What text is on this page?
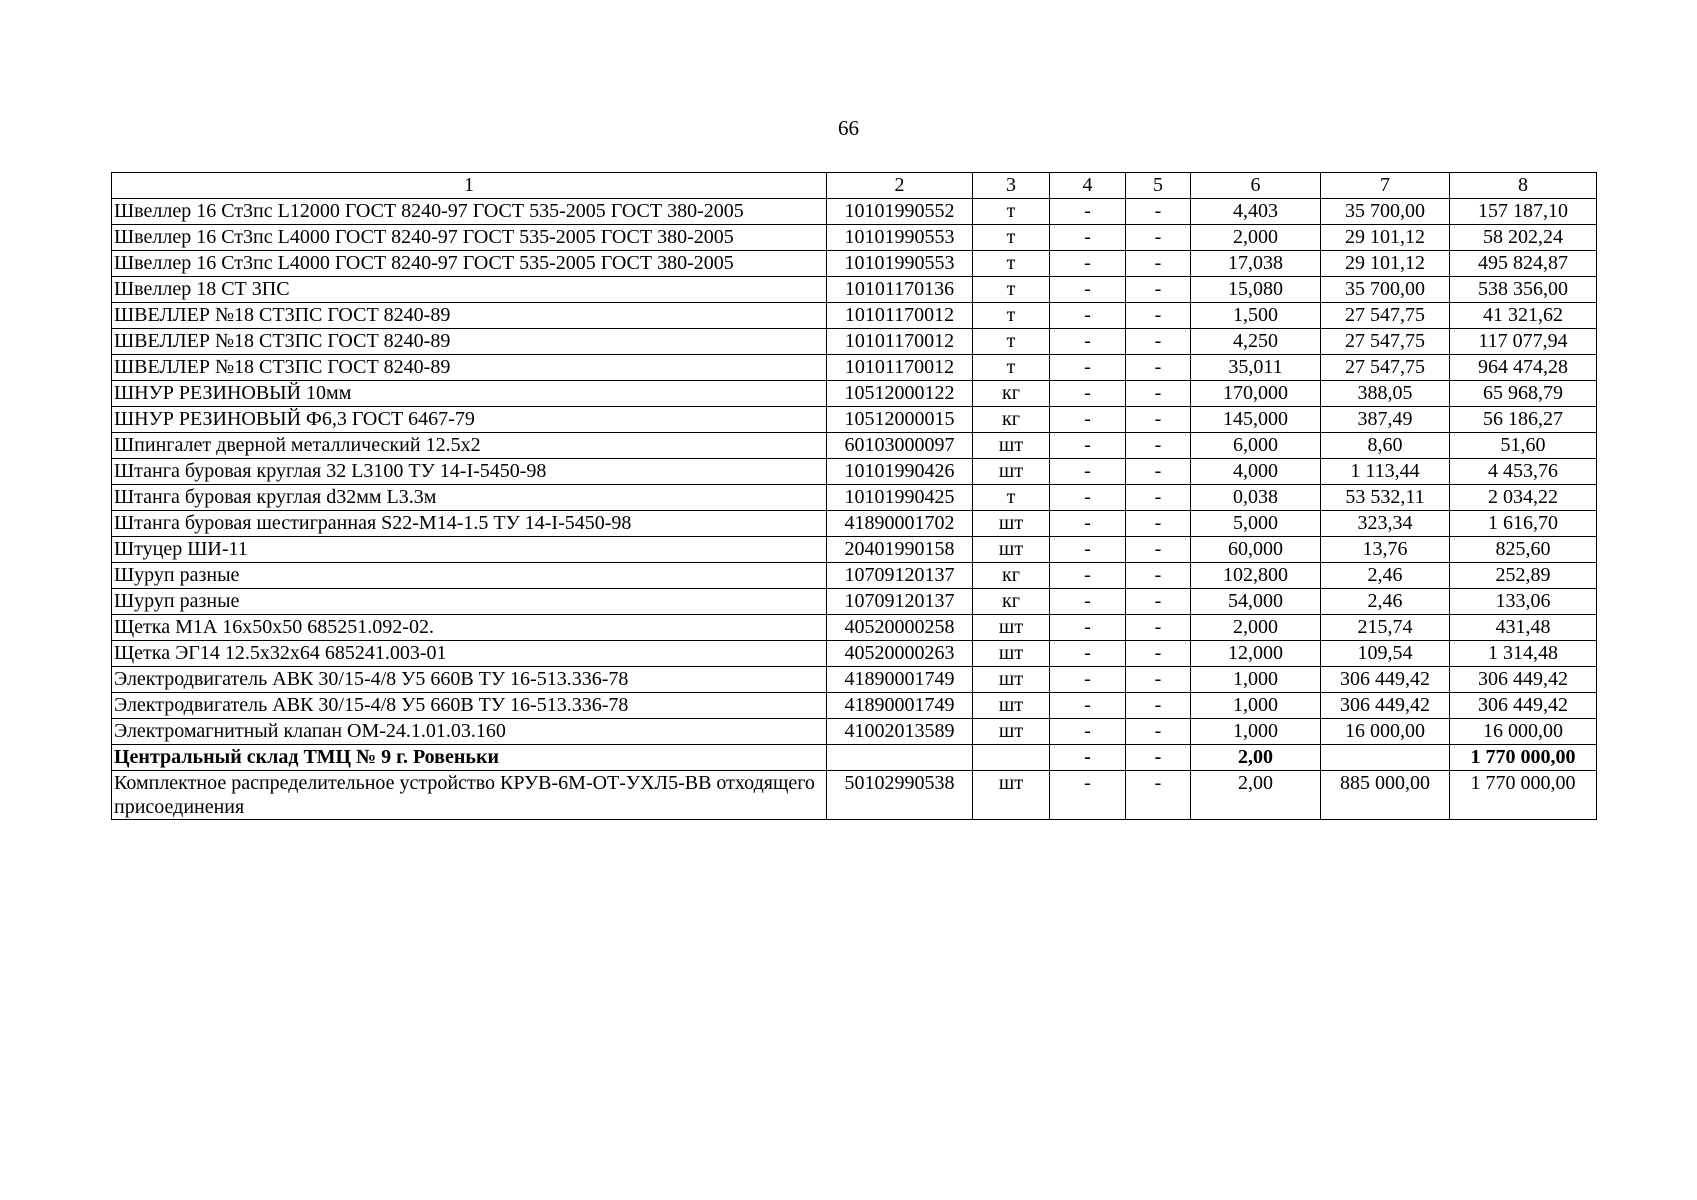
66
1	2	3	4	5	6	7	8
Швеллер 16 Ст3пс L12000 ГОСТ 8240-97 ГОСТ 535-2005 ГОСТ 380-2005	10101990552	т	-	-	4,403	35 700,00	157 187,10
Швеллер 16 Ст3пс L4000 ГОСТ 8240-97 ГОСТ 535-2005 ГОСТ 380-2005	10101990553	т	-	-	2,000	29 101,12	58 202,24
Швеллер 16 Ст3пс L4000 ГОСТ 8240-97 ГОСТ 535-2005 ГОСТ 380-2005	10101990553	т	-	-	17,038	29 101,12	495 824,87
Швеллер 18 СТ 3ПС	10101170136	т	-	-	15,080	35 700,00	538 356,00
ШВЕЛЛЕР №18 СТ3ПС ГОСТ 8240-89	10101170012	т	-	-	1,500	27 547,75	41 321,62
ШВЕЛЛЕР №18 СТ3ПС ГОСТ 8240-89	10101170012	т	-	-	4,250	27 547,75	117 077,94
ШВЕЛЛЕР №18 СТ3ПС ГОСТ 8240-89	10101170012	т	-	-	35,011	27 547,75	964 474,28
ШНУР РЕЗИНОВЫЙ 10мм	10512000122	кг	-	-	170,000	388,05	65 968,79
ШНУР РЕЗИНОВЫЙ Ф6,3 ГОСТ 6467-79	10512000015	кг	-	-	145,000	387,49	56 186,27
Шпингалет дверной металлический 12.5x2	60103000097	шт	-	-	6,000	8,60	51,60
Штанга буровая круглая 32 L3100 ТУ 14-I-5450-98	10101990426	шт	-	-	4,000	1 113,44	4 453,76
Штанга буровая круглая d32мм L3.3м	10101990425	т	-	-	0,038	53 532,11	2 034,22
Штанга буровая шестигранная S22-M14-1.5 ТУ 14-I-5450-98	41890001702	шт	-	-	5,000	323,34	1 616,70
Штуцер ШИ-11	20401990158	шт	-	-	60,000	13,76	825,60
Шуруп разные	10709120137	кг	-	-	102,800	2,46	252,89
Шуруп разные	10709120137	кг	-	-	54,000	2,46	133,06
Щетка М1А 16x50x50 685251.092-02.	40520000258	шт	-	-	2,000	215,74	431,48
Щетка ЭГ14 12.5x32x64 685241.003-01	40520000263	шт	-	-	12,000	109,54	1 314,48
Электродвигатель АВК 30/15-4/8 У5 660В ТУ 16-513.336-78	41890001749	шт	-	-	1,000	306 449,42	306 449,42
Электродвигатель АВК 30/15-4/8 У5 660В ТУ 16-513.336-78	41890001749	шт	-	-	1,000	306 449,42	306 449,42
Электромагнитный клапан ОМ-24.1.01.03.160	41002013589	шт	-	-	1,000	16 000,00	16 000,00
Центральный склад ТМЦ № 9 г. Ровеньки			-	-	2,00		1 770 000,00
Комплектное распределительное устройство КРУВ-6М-ОТ-УХЛ5-ВВ отходящего присоединения	50102990538	шт	-	-	2,00	885 000,00	1 770 000,00
